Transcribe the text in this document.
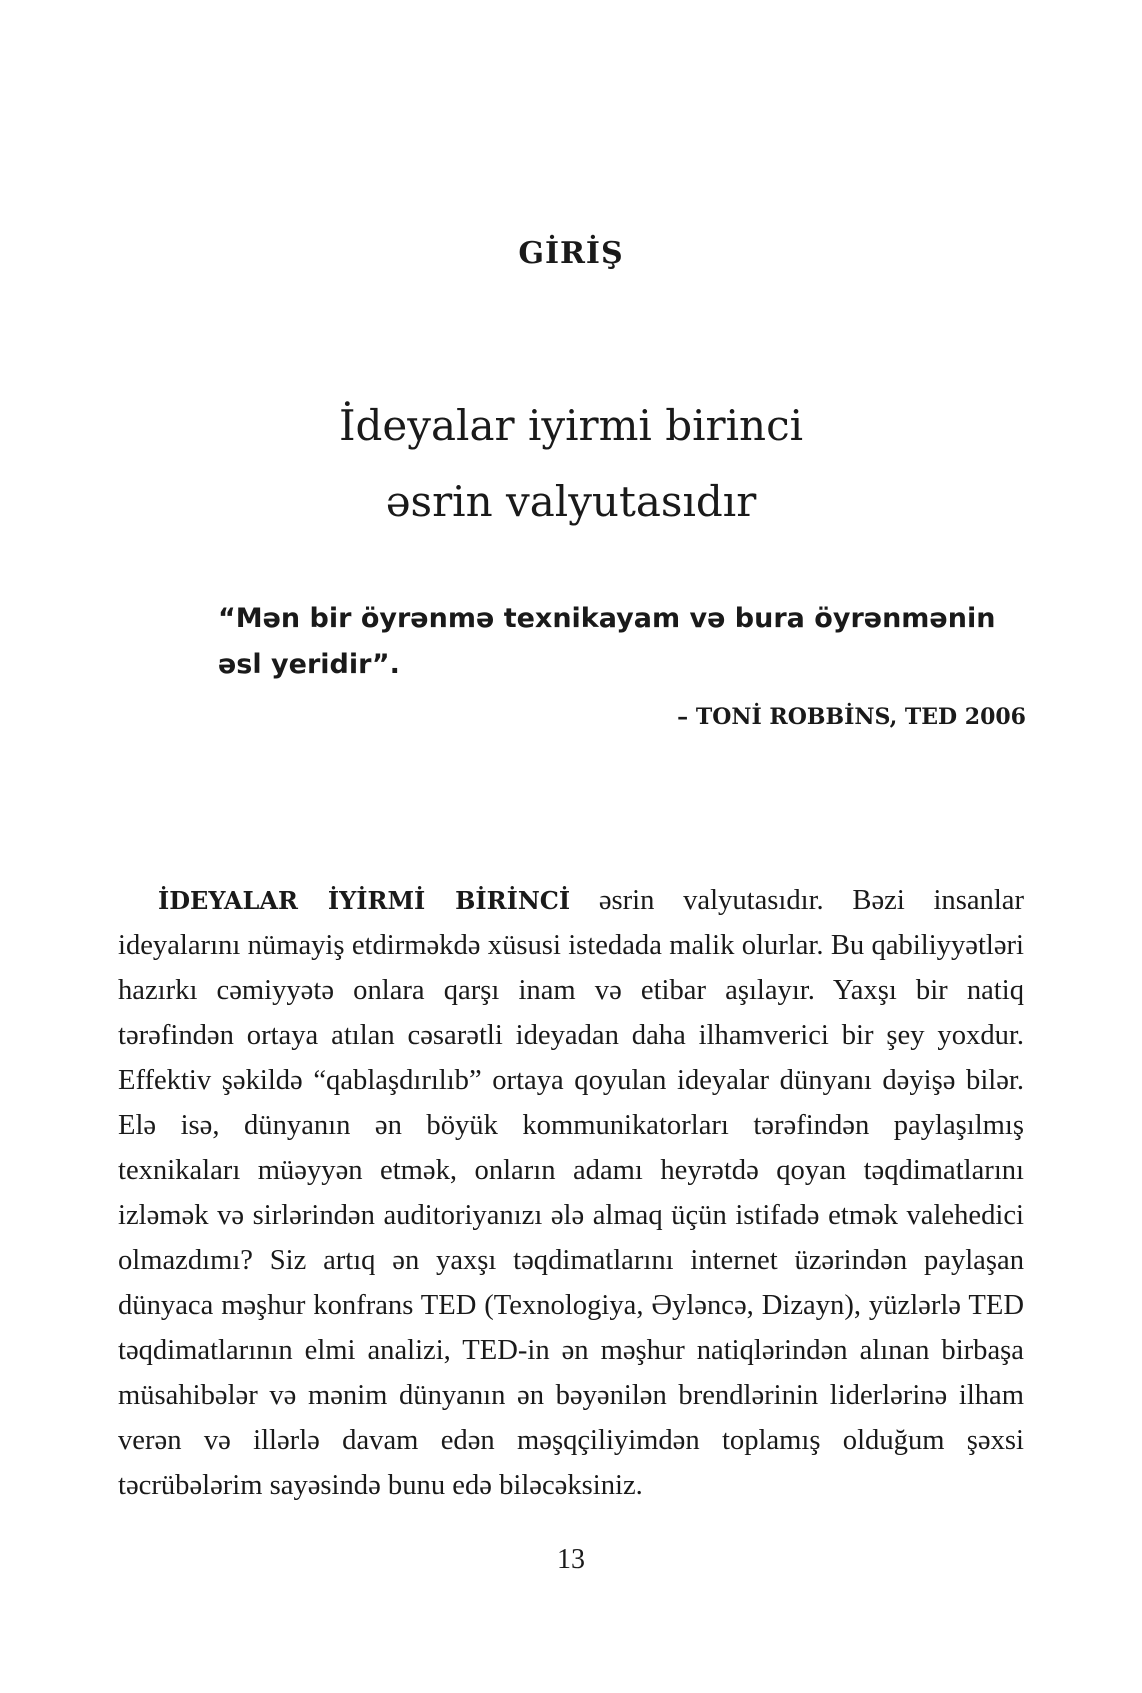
GİRİŞ
İdeyalar iyirmi birinci
əsrin valyutasıdır

“Mən bir öyrənmə texnikayam və bura öyrənmənin əsl yeridir”.

– TONİ ROBBİNS, TED 2006

İDEYALAR İYİRMİ BİRİNCİ əsrin valyutasıdır. Bəzi insanlar ideyalarını nümayiş etdirməkdə xüsusi istedada malik olurlar. Bu qabiliyyətləri hazırkı cəmiyyətə onlara qarşı inam və etibar aşılayır. Yaxşı bir natiq tərəfindən ortaya atılan cəsarətli ideyadan daha ilhamverici bir şey yoxdur. Effektiv şəkildə “qablaşdırılıb” ortaya qoyulan ideyalar dünyanı dəyişə bilər. Elə isə, dünyanın ən böyük kommunikatorları tərəfindən paylaşılmış texnikaları müəyyən etmək, onların adamı heyrətdə qoyan təqdimatlarını izləmək və sirlərindən auditoriyanızı ələ almaq üçün istifadə etmək valehedici olmazdımı? Siz artıq ən yaxşı təqdimatlarını internet üzərindən paylaşan dünyaca məşhur konfrans TED (Texnologiya, Əyləncə, Dizayn), yüzlərlə TED təqdimatlarının elmi analizi, TED-in ən məşhur natiqlərindən alınan birbaşa müsahibələr və mənim dünyanın ən bəyənilən brendlərinin liderlərinə ilham verən və illərlə davam edən məşqçiliyimdən toplamış olduğum şəxsi təcrübələrim sayəsində bunu edə biləcəksiniz.

13
